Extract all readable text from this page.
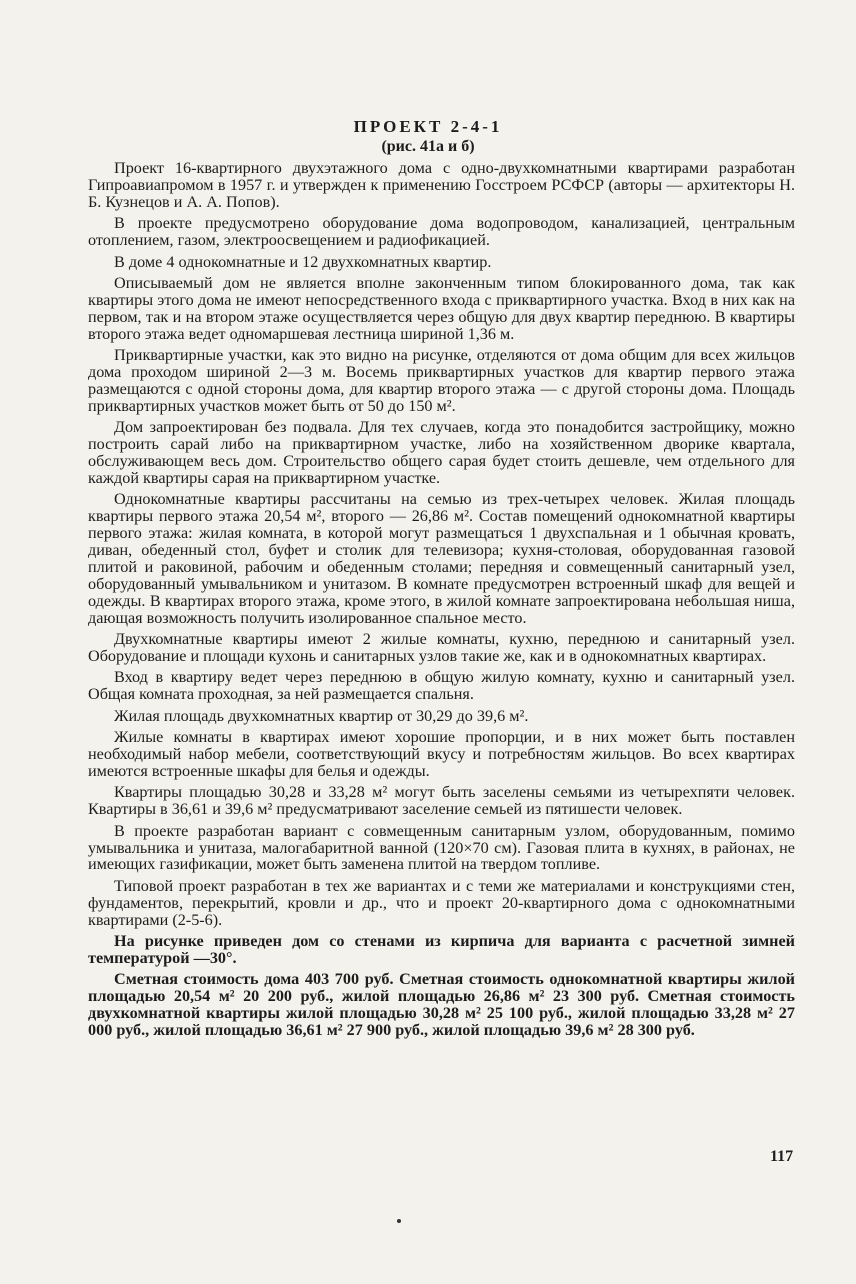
ПРОЕКТ 2-4-1
(рис. 41а и б)

Проект 16-квартирного двухэтажного дома с одно-двухкомнатными квартирами разработан Гипроавиапромом в 1957 г. и утвержден к применению Госстроем РСФСР (авторы — архитекторы Н. Б. Кузнецов и А. А. Попов).

В проекте предусмотрено оборудование дома водопроводом, канализацией, центральным отоплением, газом, электроосвещением и радиофикацией.

В доме 4 однокомнатные и 12 двухкомнатных квартир.

Описываемый дом не является вполне законченным типом блокированного дома, так как квартиры этого дома не имеют непосредственного входа с приквартирного участка. Вход в них как на первом, так и на втором этаже осуществляется через общую для двух квартир переднюю. В квартиры второго этажа ведет одномаршевая лестница шириной 1,36 м.

Приквартирные участки, как это видно на рисунке, отделяются от дома общим для всех жильцов дома проходом шириной 2—3 м. Восемь приквартирных участков для квартир первого этажа размещаются с одной стороны дома, для квартир второго этажа — с другой стороны дома. Площадь приквартирных участков может быть от 50 до 150 м².

Дом запроектирован без подвала. Для тех случаев, когда это понадобится застройщику, можно построить сарай либо на приквартирном участке, либо на хозяйственном дворике квартала, обслуживающем весь дом. Строительство общего сарая будет стоить дешевле, чем отдельного для каждой квартиры сарая на приквартирном участке.

Однокомнатные квартиры рассчитаны на семью из трех-четырех человек. Жилая площадь квартиры первого этажа 20,54 м², второго — 26,86 м². Состав помещений однокомнатной квартиры первого этажа: жилая комната, в которой могут размещаться 1 двухспальная и 1 обычная кровать, диван, обеденный стол, буфет и столик для телевизора; кухня-столовая, оборудованная газовой плитой и раковиной, рабочим и обеденным столами; передняя и совмещенный санитарный узел, оборудованный умывальником и унитазом. В комнате предусмотрен встроенный шкаф для вещей и одежды. В квартирах второго этажа, кроме этого, в жилой комнате запроектирована небольшая ниша, дающая возможность получить изолированное спальное место.

Двухкомнатные квартиры имеют 2 жилые комнаты, кухню, переднюю и санитарный узел. Оборудование и площади кухонь и санитарных узлов такие же, как и в однокомнатных квартирах.

Вход в квартиру ведет через переднюю в общую жилую комнату, кухню и санитарный узел. Общая комната проходная, за ней размещается спальня.

Жилая площадь двухкомнатных квартир от 30,29 до 39,6 м².

Жилые комнаты в квартирах имеют хорошие пропорции, и в них может быть поставлен необходимый набор мебели, соответствующий вкусу и потребностям жильцов. Во всех квартирах имеются встроенные шкафы для белья и одежды.

Квартиры площадью 30,28 и 33,28 м² могут быть заселены семьями из четырехпяти человек. Квартиры в 36,61 и 39,6 м² предусматривают заселение семьей из пятишести человек.

В проекте разработан вариант с совмещенным санитарным узлом, оборудованным, помимо умывальника и унитаза, малогабаритной ванной (120×70 см). Газовая плита в кухнях, в районах, не имеющих газификации, может быть заменена плитой на твердом топливе.

Типовой проект разработан в тех же вариантах и с теми же материалами и конструкциями стен, фундаментов, перекрытий, кровли и др., что и проект 20-квартирного дома с однокомнатными квартирами (2-5-6).

На рисунке приведен дом со стенами из кирпича для варианта с расчетной зимней температурой —30°.

Сметная стоимость дома 403 700 руб. Сметная стоимость однокомнатной квартиры жилой площадью 20,54 м² 20 200 руб., жилой площадью 26,86 м² 23 300 руб. Сметная стоимость двухкомнатной квартиры жилой площадью 30,28 м² 25 100 руб., жилой площадью 33,28 м² 27 000 руб., жилой площадью 36,61 м² 27 900 руб., жилой площадью 39,6 м² 28 300 руб.

117
